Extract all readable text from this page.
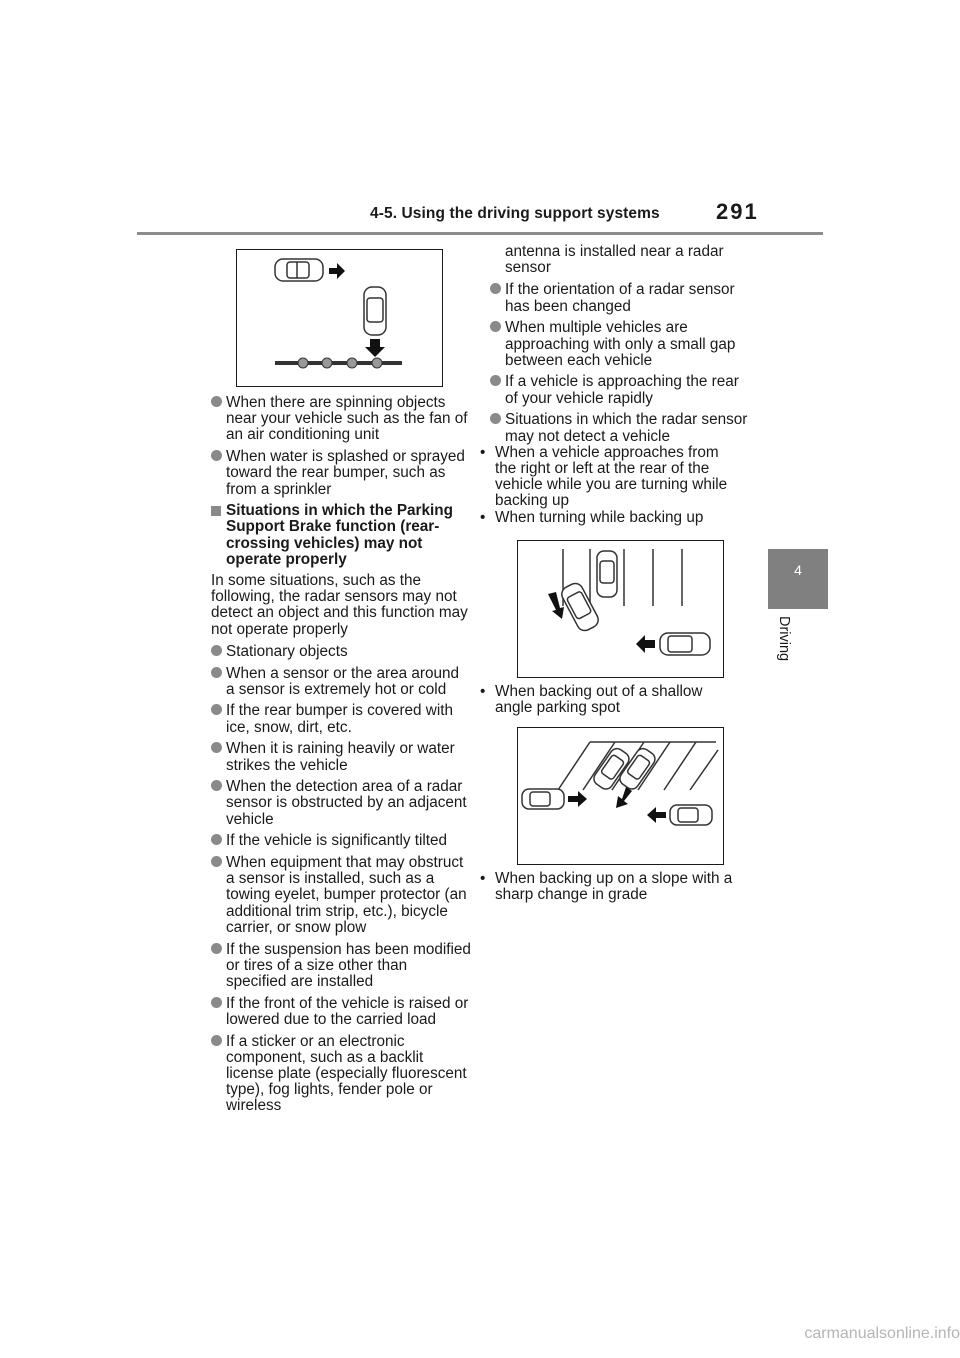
4-5. Using the driving support systems	291
4
Driving
When there are spinning objects near your vehicle such as the fan of an air conditioning unit
When water is splashed or sprayed toward the rear bumper, such as from a sprinkler
Situations in which the Parking Support Brake function (rear-crossing vehicles) may not operate properly
In some situations, such as the following, the radar sensors may not detect an object and this function may not operate properly
Stationary objects
When a sensor or the area around a sensor is extremely hot or cold
If the rear bumper is covered with ice, snow, dirt, etc.
When it is raining heavily or water strikes the vehicle
When the detection area of a radar sensor is obstructed by an adjacent vehicle
If the vehicle is significantly tilted
When equipment that may obstruct a sensor is installed, such as a towing eyelet, bumper protector (an additional trim strip, etc.), bicycle carrier, or snow plow
If the suspension has been modified or tires of a size other than specified are installed
If the front of the vehicle is raised or lowered due to the carried load
If a sticker or an electronic component, such as a backlit license plate (especially fluorescent type), fog lights, fender pole or wireless
antenna is installed near a radar sensor
If the orientation of a radar sensor has been changed
When multiple vehicles are approaching with only a small gap between each vehicle
If a vehicle is approaching the rear of your vehicle rapidly
Situations in which the radar sensor may not detect a vehicle
• When a vehicle approaches from the right or left at the rear of the vehicle while you are turning while backing up
• When turning while backing up
• When backing out of a shallow angle parking spot
• When backing up on a slope with a sharp change in grade
carmanualsonline.info
